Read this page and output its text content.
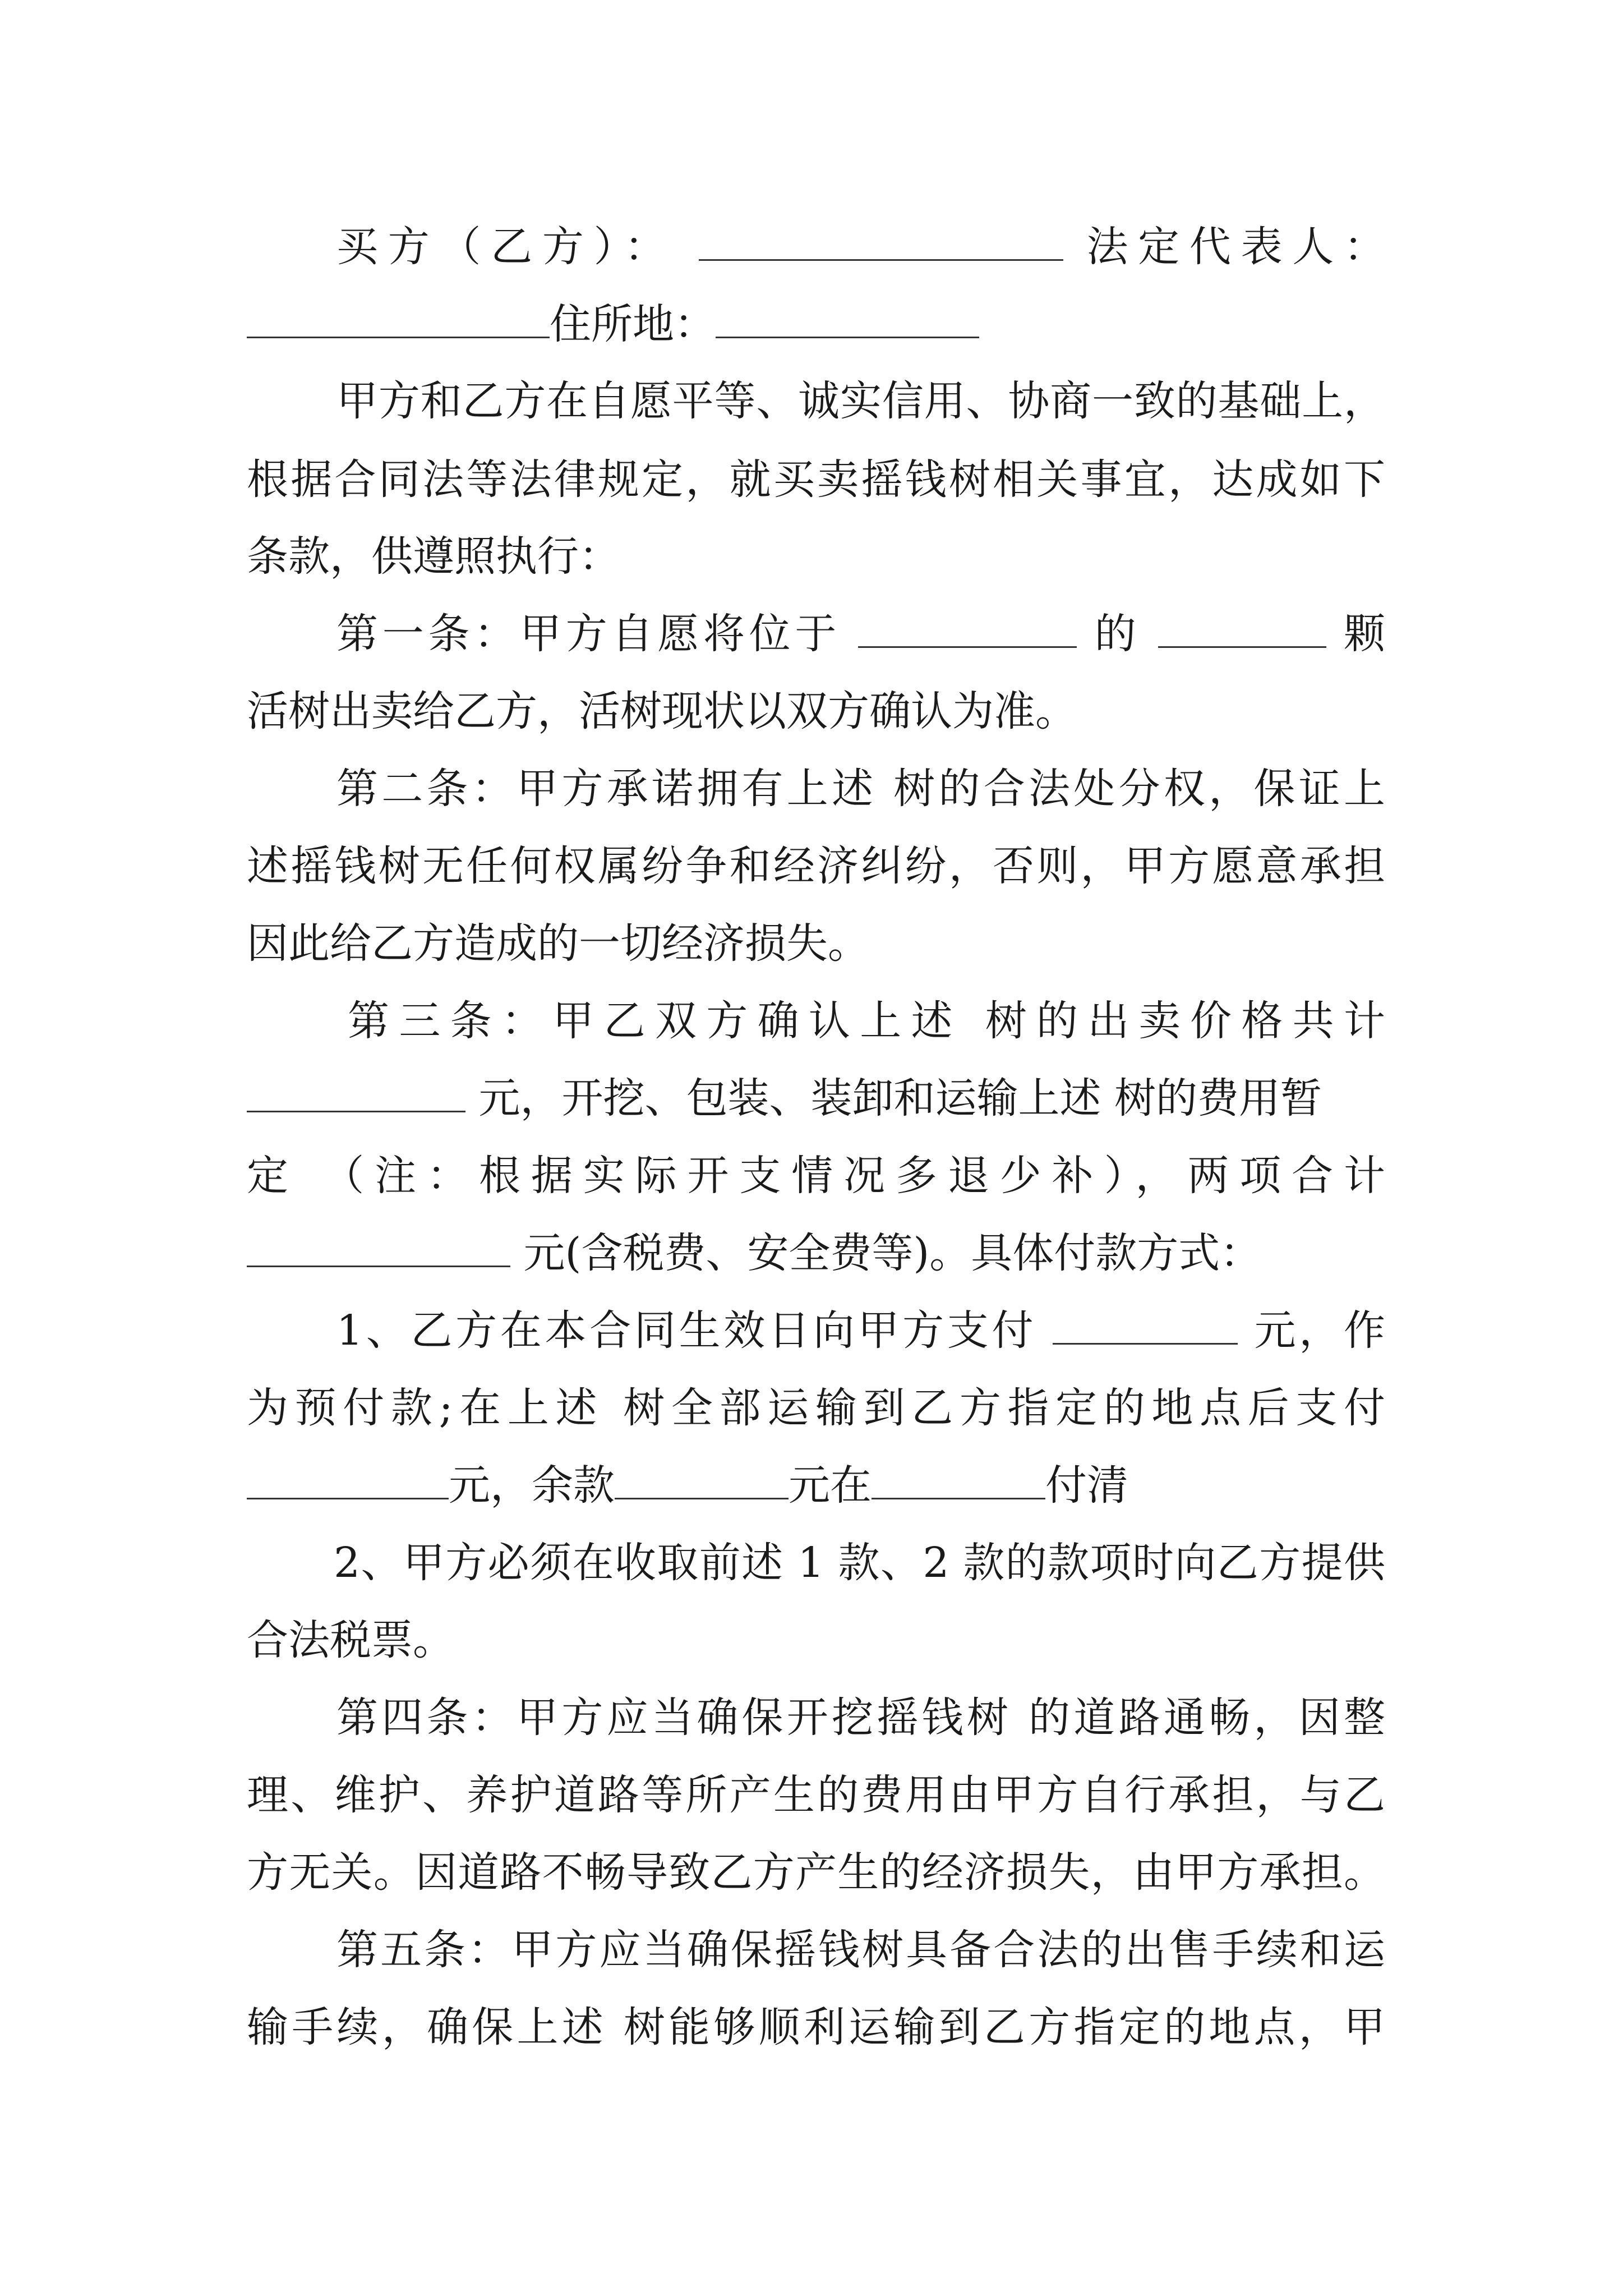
买方（乙方）：	法定代表人：
住所地：
甲方和乙方在自愿平等、诚实信用、协商一致的基础上，
根据合同法等法律规定，就买卖摇钱树相关事宜，达成如下
条款，供遵照执行：
第一条：甲方自愿将位于	的	颗
活树出卖给乙方，活树现状以双方确认为准。
第二条：甲方承诺拥有上述 树的合法处分权，保证上
述摇钱树无任何权属纷争和经济纠纷，否则，甲方愿意承担
因此给乙方造成的一切经济损失。
第三条：甲乙双方确认上述 树的出卖价格共计
元，开挖、包装、装卸和运输上述 树的费用暂
定 （注：根据实际开支情况多退少补），两项合计
元(含税费、安全费等)。具体付款方式：
1、乙方在本合同生效日向甲方支付	元，作
为预付款;在上述 树全部运输到乙方指定的地点后支付
元，余款	元在	付清
2、甲方必须在收取前述 1 款、2 款的款项时向乙方提供
合法税票。
第四条：甲方应当确保开挖摇钱树 的道路通畅，因整
理、维护、养护道路等所产生的费用由甲方自行承担，与乙
方无关。因道路不畅导致乙方产生的经济损失，由甲方承担。
第五条：甲方应当确保摇钱树具备合法的出售手续和运
输手续，确保上述 树能够顺利运输到乙方指定的地点，甲
